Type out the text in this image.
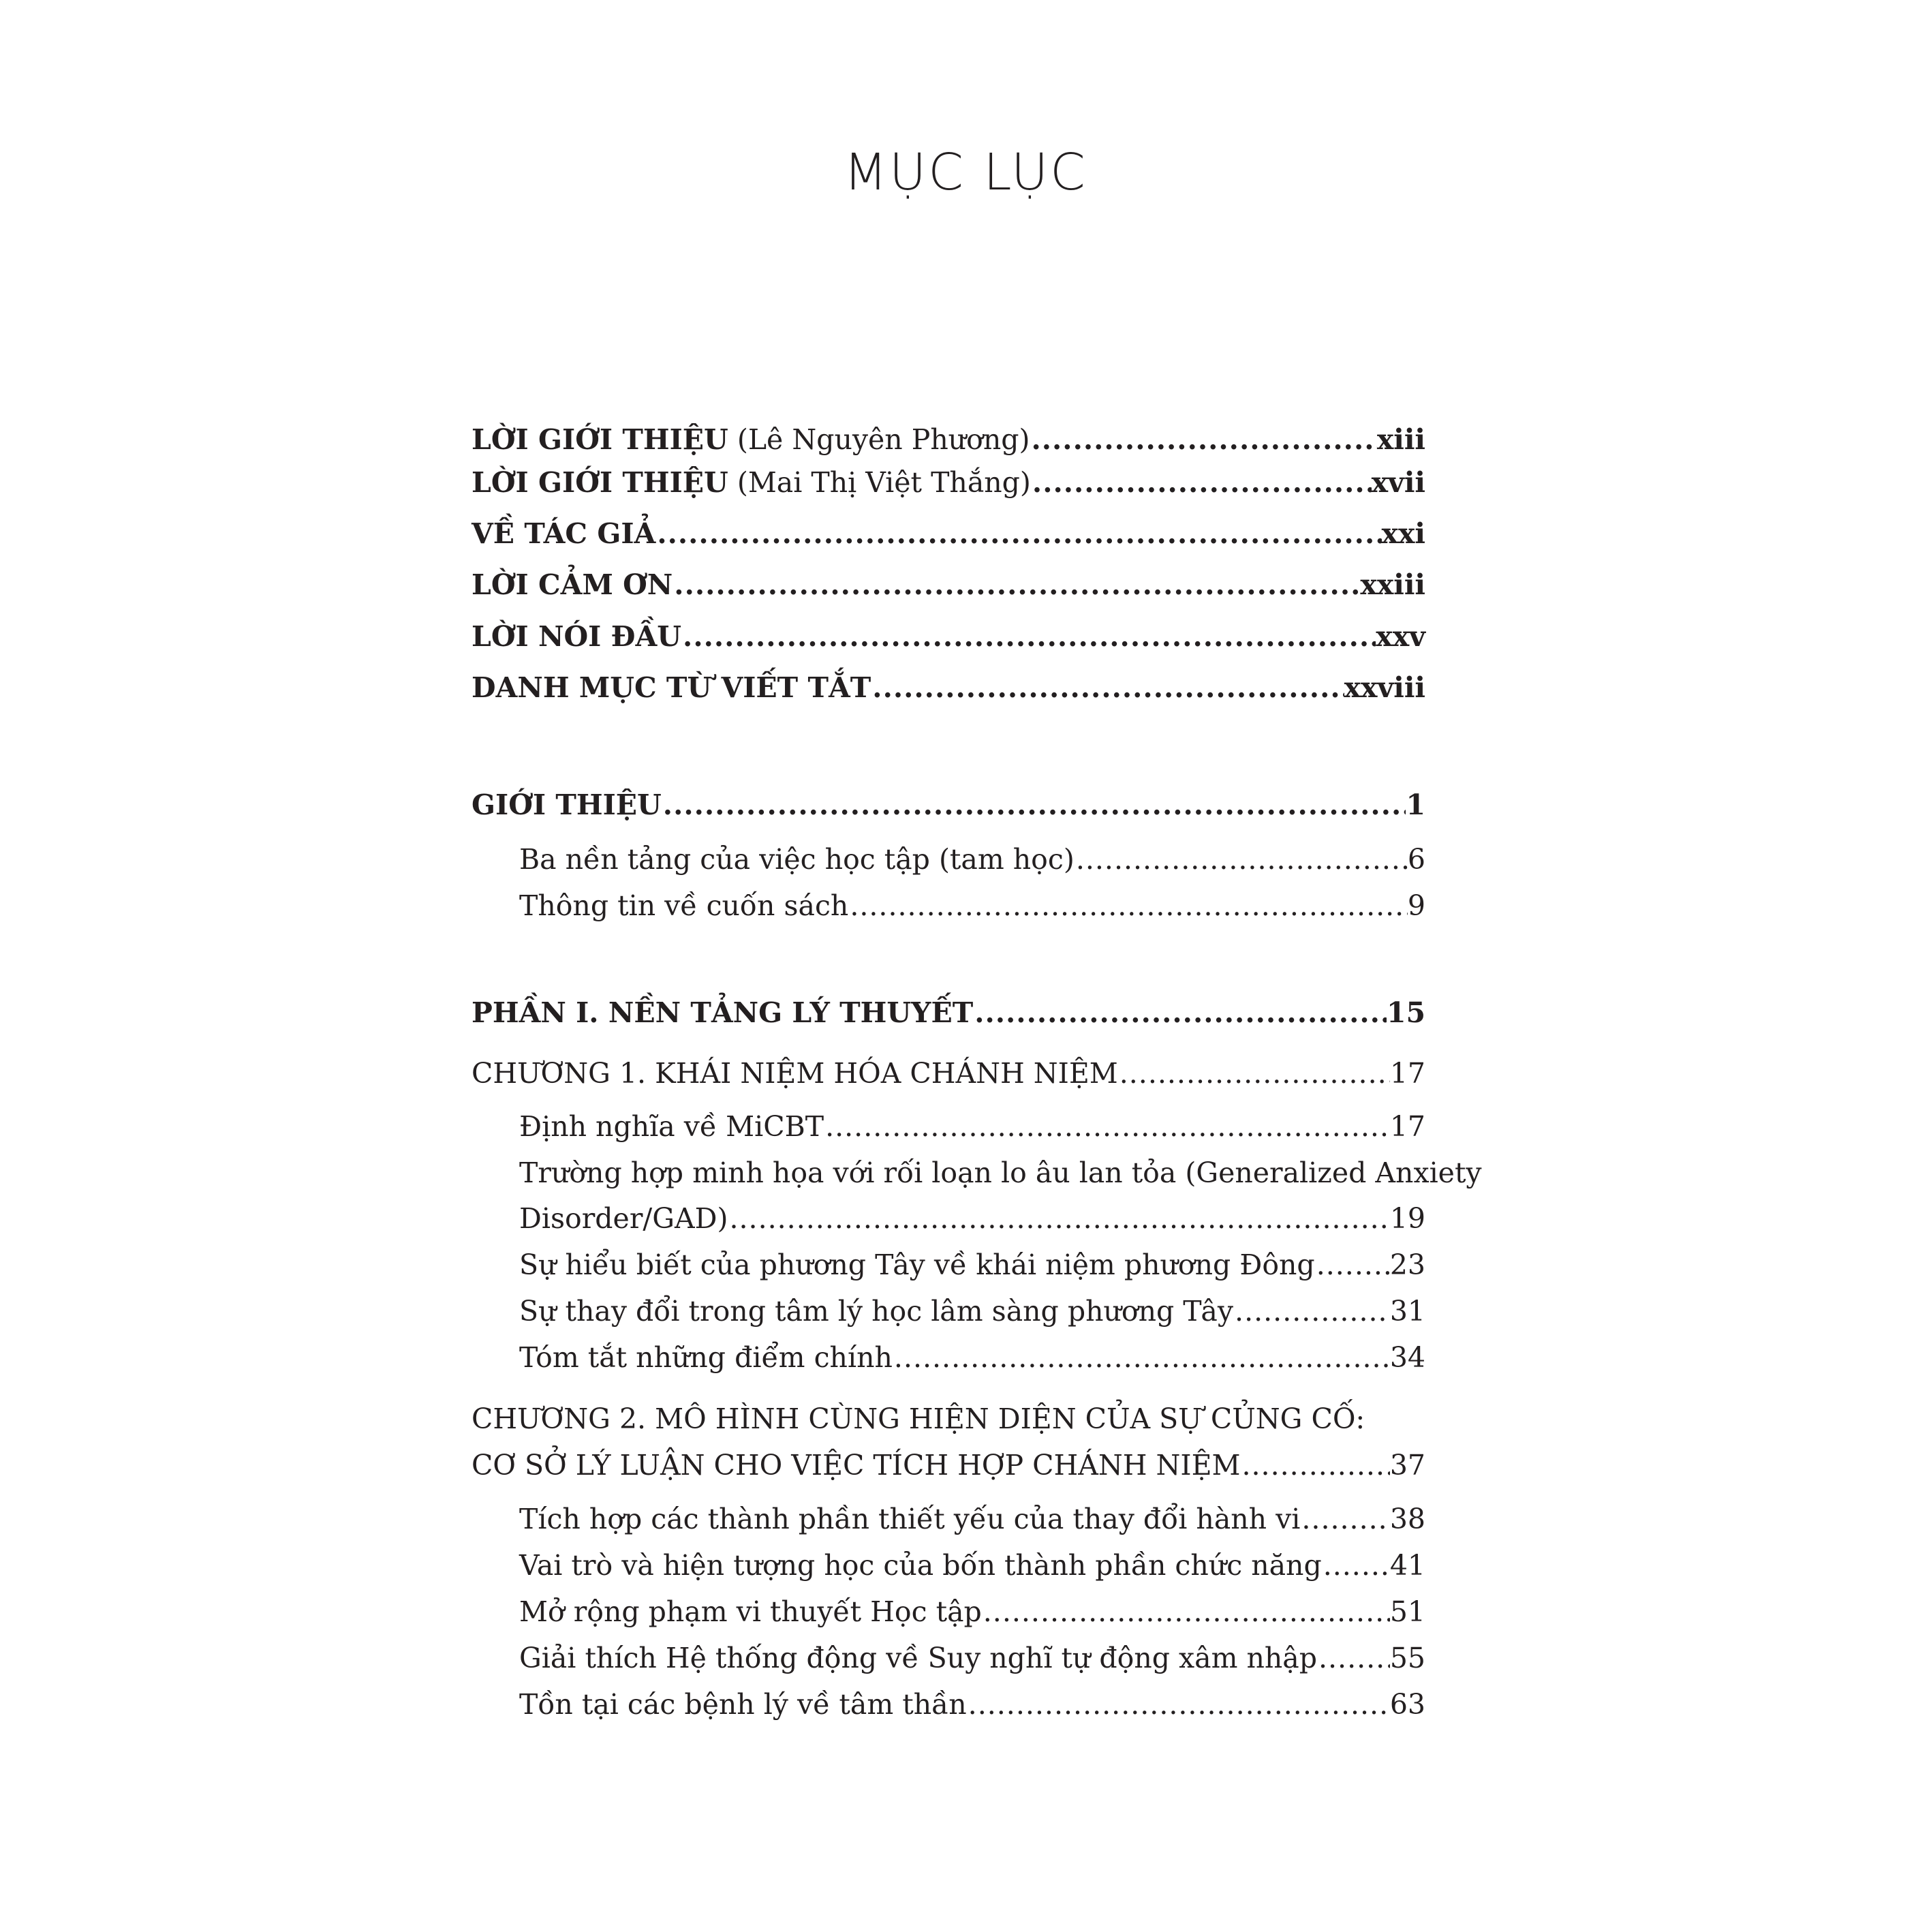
MỤC LỤC
LỜI GIỚI THIỆU (Lê Nguyên Phương) .....	xiii
LỜI GIỚI THIỆU (Mai Thị Việt Thắng) .....	xvii
VỀ TÁC GIẢ .....	xxi
LỜI CẢM ƠN .....	xxiii
LỜI NÓI ĐẦU .....	xxv
DANH MỤC TỪ VIẾT TẮT .....	xxviii
GIỚI THIỆU .....	1
Ba nền tảng của việc học tập (tam học) .....	6
Thông tin về cuốn sách .....	9
PHẦN I. NỀN TẢNG LÝ THUYẾT .....	15
CHƯƠNG 1. KHÁI NIỆM HÓA CHÁNH NIỆM .....	17
Định nghĩa về MiCBT .....	17
Trường hợp minh họa với rối loạn lo âu lan tỏa (Generalized Anxiety
Disorder/GAD) .....	19
Sự hiểu biết của phương Tây về khái niệm phương Đông .....	23
Sự thay đổi trong tâm lý học lâm sàng phương Tây .....	31
Tóm tắt những điểm chính .....	34
CHƯƠNG 2. MÔ HÌNH CÙNG HIỆN DIỆN CỦA SỰ CỦNG CỐ:
CƠ SỞ LÝ LUẬN CHO VIỆC TÍCH HỢP CHÁNH NIỆM .....	37
Tích hợp các thành phần thiết yếu của thay đổi hành vi .....	38
Vai trò và hiện tượng học của bốn thành phần chức năng ..... 41
Mở rộng phạm vi thuyết Học tập .....	51
Giải thích Hệ thống động về Suy nghĩ tự động xâm nhập .....	55
Tồn tại các bệnh lý về tâm thần .....	63
